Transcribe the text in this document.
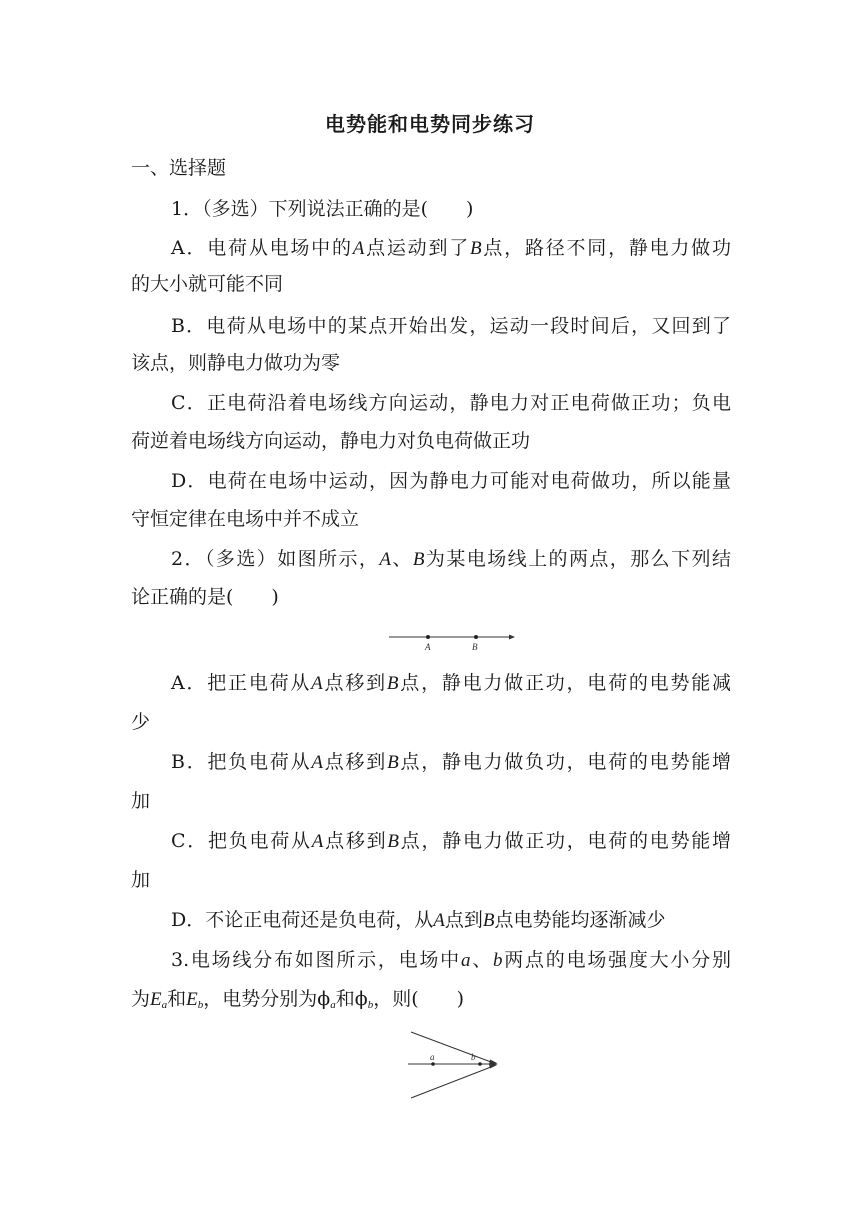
电势能和电势同步练习
一、选择题
1．（多选）下列说法正确的是(　　)
A．电荷从电场中的A点运动到了B点，路径不同，静电力做功
的大小就可能不同
B．电荷从电场中的某点开始出发，运动一段时间后，又回到了
该点，则静电力做功为零
C．正电荷沿着电场线方向运动，静电力对正电荷做正功；负电
荷逆着电场线方向运动，静电力对负电荷做正功
D．电荷在电场中运动，因为静电力可能对电荷做功，所以能量
守恒定律在电场中并不成立
2．（多选）如图所示，A、B为某电场线上的两点，那么下列结
论正确的是(　　)
A	B
A．把正电荷从A点移到B点，静电力做正功，电荷的电势能减
少
B．把负电荷从A点移到B点，静电力做负功，电荷的电势能增
加
C．把负电荷从A点移到B点，静电力做正功，电荷的电势能增
加
D．不论正电荷还是负电荷，从A点到B点电势能均逐渐减少
3.电场线分布如图所示，电场中a、b两点的电场强度大小分别
为$E_a$和$E_b$，电势分别为$\phi_a$和$\phi_b$，则(　　)
a	b
